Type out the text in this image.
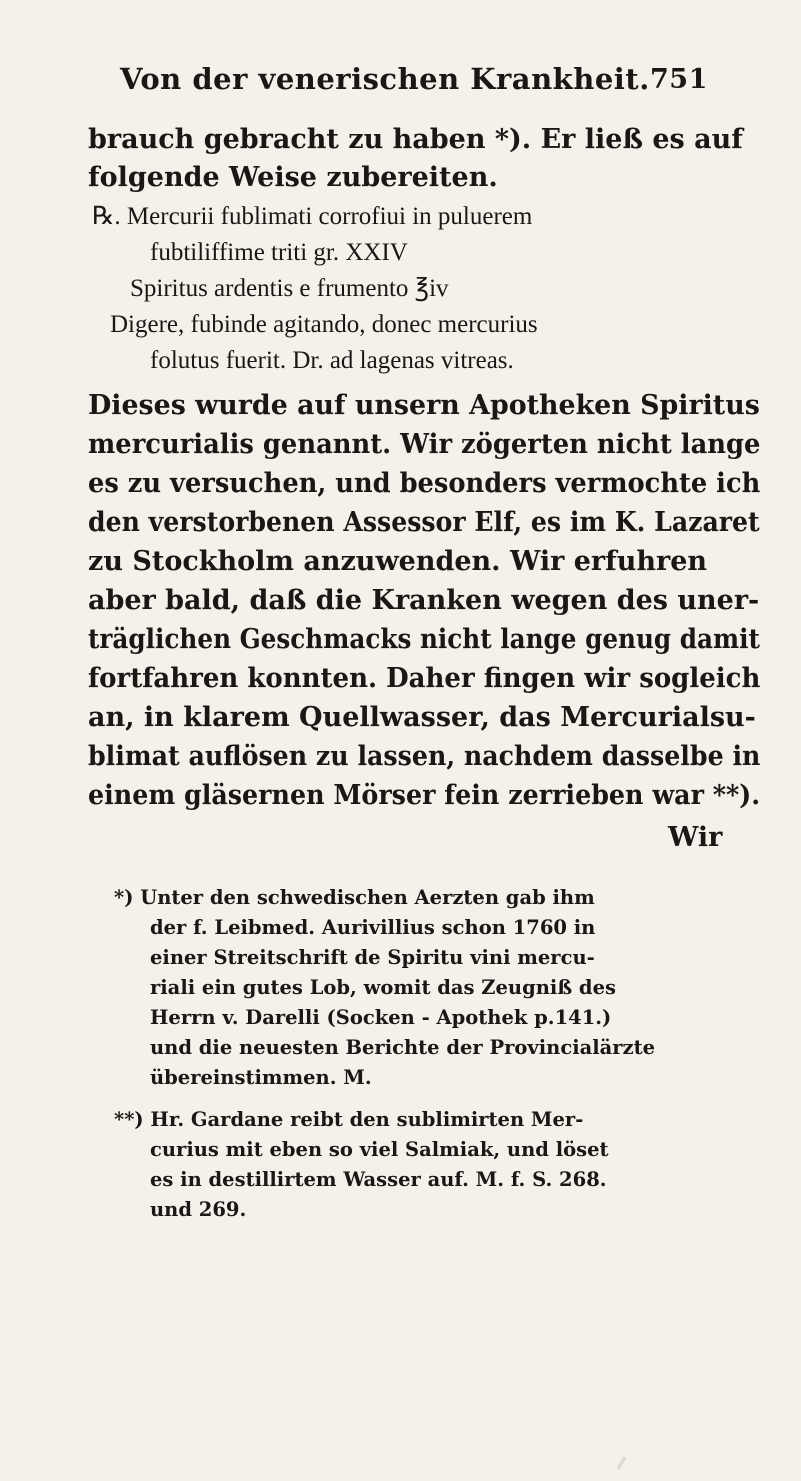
Von der venerischen Krankheit. 751
brauch gebracht zu haben *). Er ließ es auf
folgende Weise zubereiten.
℞. Mercurii fublimati corrofiui in puluerem
fubtiliffime triti gr. XXIV
Spiritus ardentis e frumento ℥iv
Digere, fubinde agitando, donec mercurius
folutus fuerit. Dr. ad lagenas vitreas.
Dieses wurde auf unsern Apotheken Spiritus
mercurialis genannt. Wir zögerten nicht lange
es zu versuchen, und besonders vermochte ich
den verstorbenen Assessor Elf, es im K. Lazaret
zu Stockholm anzuwenden. Wir erfuhren
aber bald, daß die Kranken wegen des uner-
träglichen Geschmacks nicht lange genug damit
fortfahren konnten. Daher fingen wir sogleich
an, in klarem Quellwasser, das Mercurialsu-
blimat auflösen zu lassen, nachdem dasselbe in
einem gläsernen Mörser fein zerrieben war **).
Wir
*) Unter den schwedischen Aerzten gab ihm
der f. Leibmed. Aurivillius schon 1760 in
einer Streitschrift de Spiritu vini mercu-
riali ein gutes Lob, womit das Zeugniß des
Herrn v. Darelli (Socken - Apothek p.141.)
und die neuesten Berichte der Provincialärzte
übereinstimmen. M.
**) Hr. Gardane reibt den sublimirten Mer-
curius mit eben so viel Salmiak, und löset
es in destillirtem Wasser auf. M. f. S. 268.
und 269.
